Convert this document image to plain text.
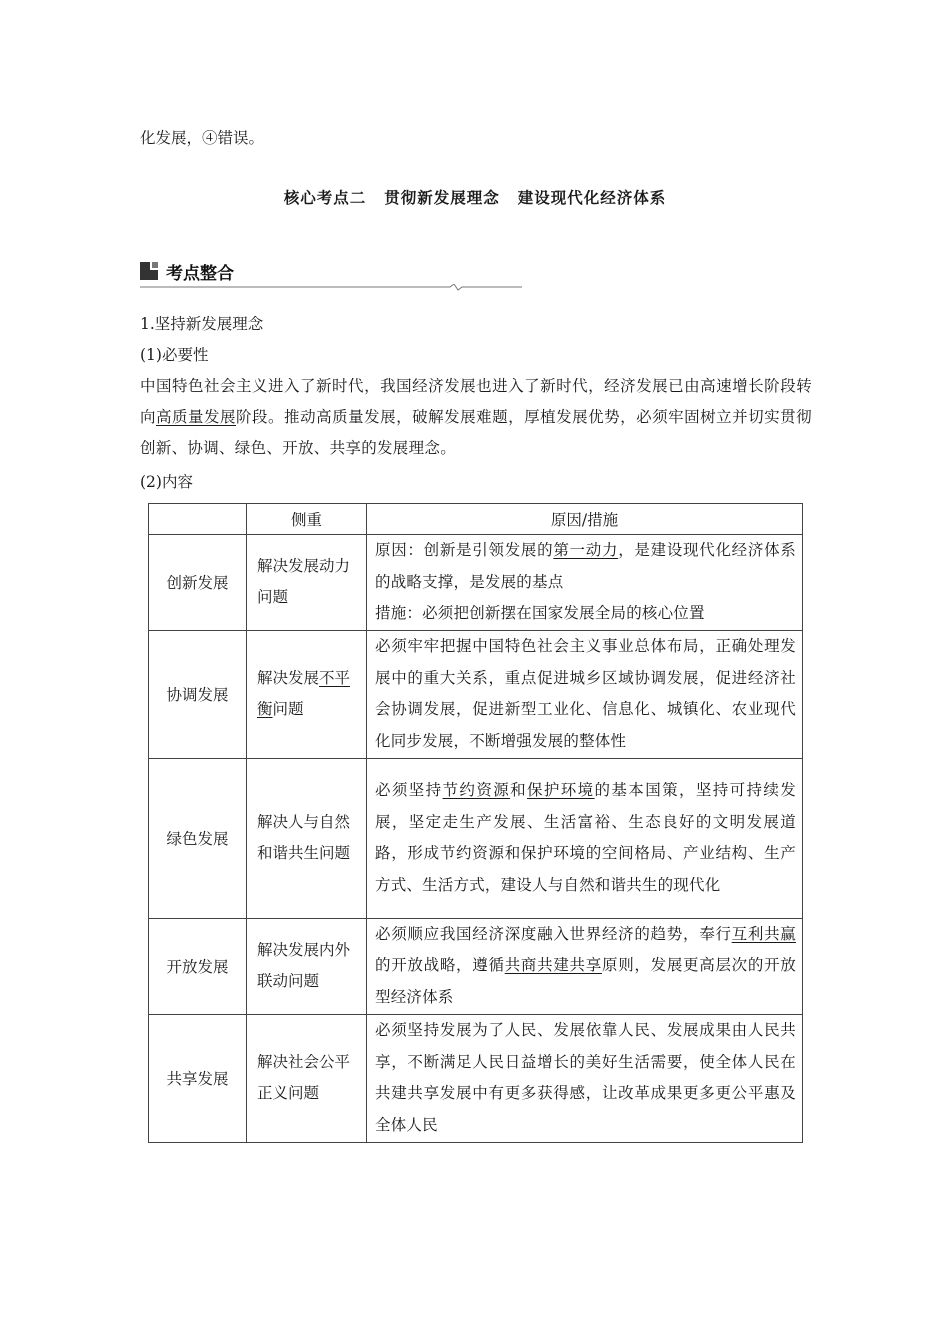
化发展，④错误。
核心考点二 贯彻新发展理念 建设现代化经济体系
考点整合
1.坚持新发展理念
(1)必要性
中国特色社会主义进入了新时代，我国经济发展也进入了新时代，经济发展已由高速增长阶段转向高质量发展阶段。推动高质量发展，破解发展难题，厚植发展优势，必须牢固树立并切实贯彻创新、协调、绿色、开放、共享的发展理念。
(2)内容
	侧重	原因/措施
创新发展	解决发展动力问题	原因：创新是引领发展的第一动力，是建设现代化经济体系的战略支撑，是发展的基点
措施：必须把创新摆在国家发展全局的核心位置
协调发展	解决发展不平衡问题	必须牢牢把握中国特色社会主义事业总体布局，正确处理发展中的重大关系，重点促进城乡区域协调发展，促进经济社会协调发展，促进新型工业化、信息化、城镇化、农业现代化同步发展，不断增强发展的整体性
绿色发展	解决人与自然和谐共生问题	必须坚持节约资源和保护环境的基本国策，坚持可持续发展，坚定走生产发展、生活富裕、生态良好的文明发展道路，形成节约资源和保护环境的空间格局、产业结构、生产方式、生活方式，建设人与自然和谐共生的现代化
开放发展	解决发展内外联动问题	必须顺应我国经济深度融入世界经济的趋势，奉行互利共赢的开放战略，遵循共商共建共享原则，发展更高层次的开放型经济体系
共享发展	解决社会公平正义问题	必须坚持发展为了人民、发展依靠人民、发展成果由人民共享，不断满足人民日益增长的美好生活需要，使全体人民在共建共享发展中有更多获得感，让改革成果更多更公平惠及全体人民
